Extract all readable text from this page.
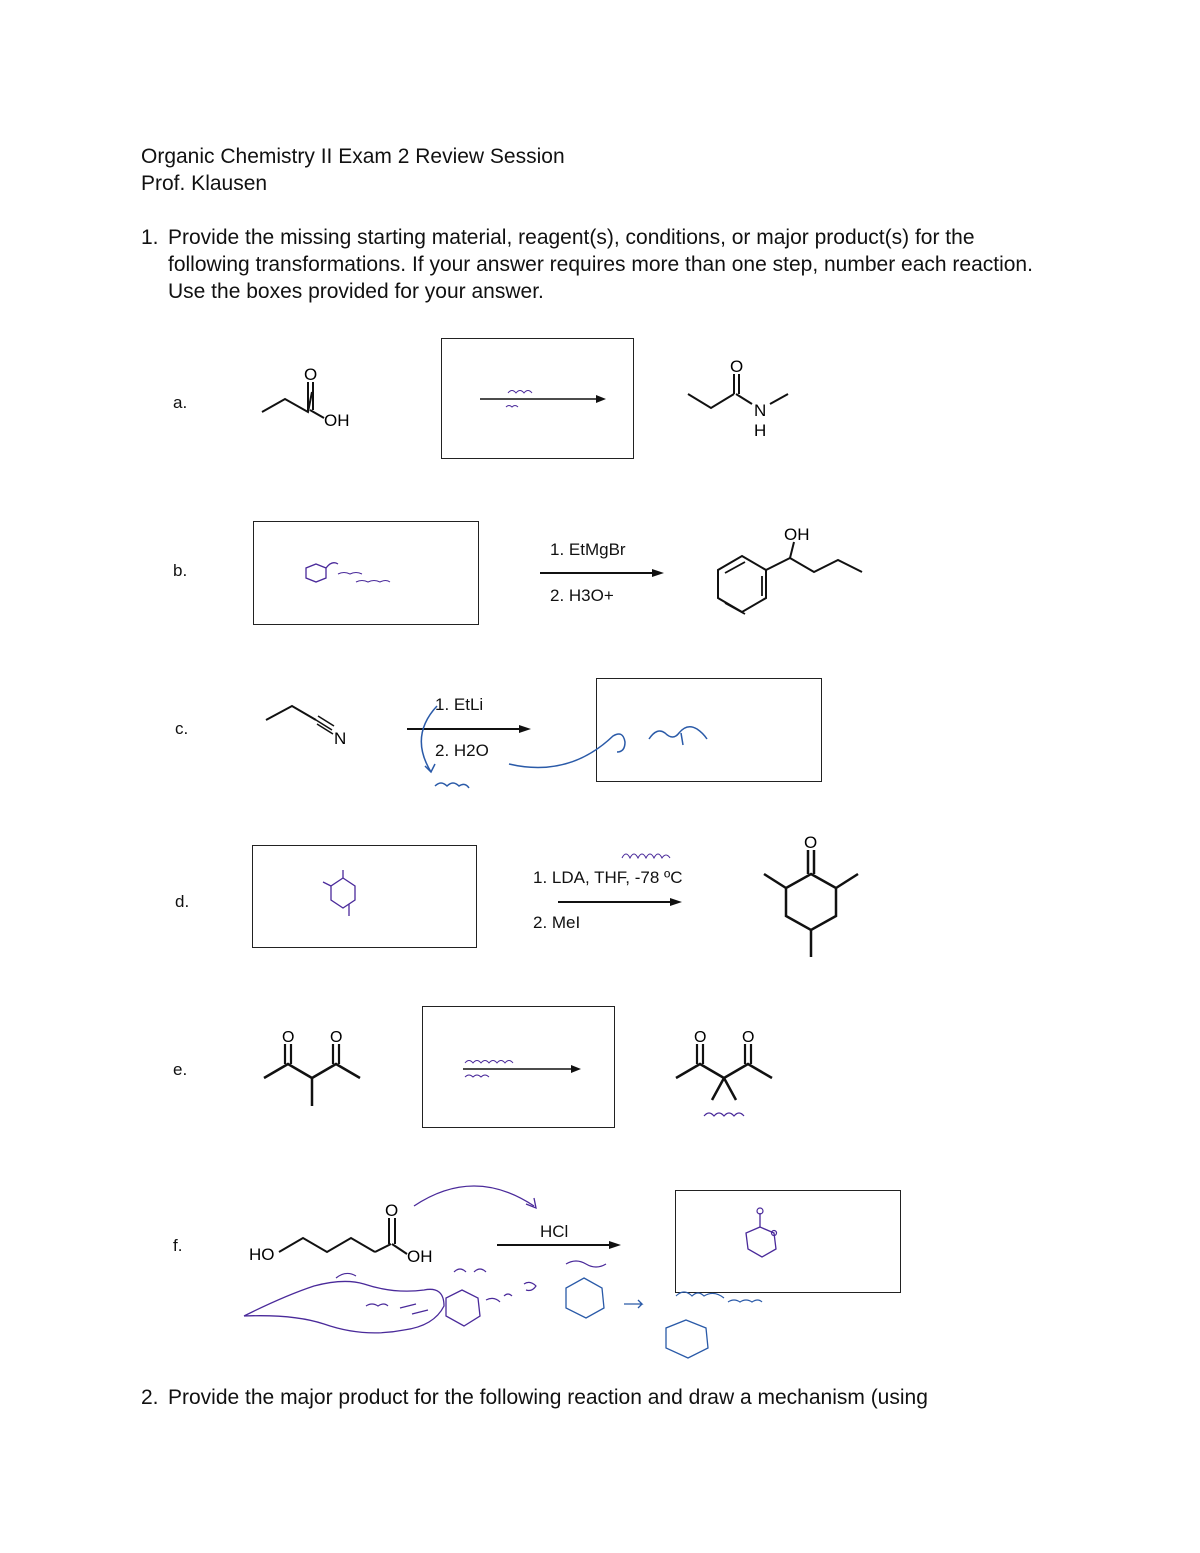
Organic Chemistry II Exam 2 Review Session
Prof. Klausen
1. Provide the missing starting material, reagent(s), conditions, or major product(s) for the following transformations. If your answer requires more than one step, number each reaction. Use the boxes provided for your answer.
a.
O
OH
O
N
H
b.
1. EtMgBr
2. H3O+
OH
c.
N
1. EtLi
2. H2O
d.
1. LDA, THF, -78 ºC
2. MeI
O
e.
O O	O O
f.	HO	OH
O
HCl
2. Provide the major product for the following reaction and draw a mechanism (using
